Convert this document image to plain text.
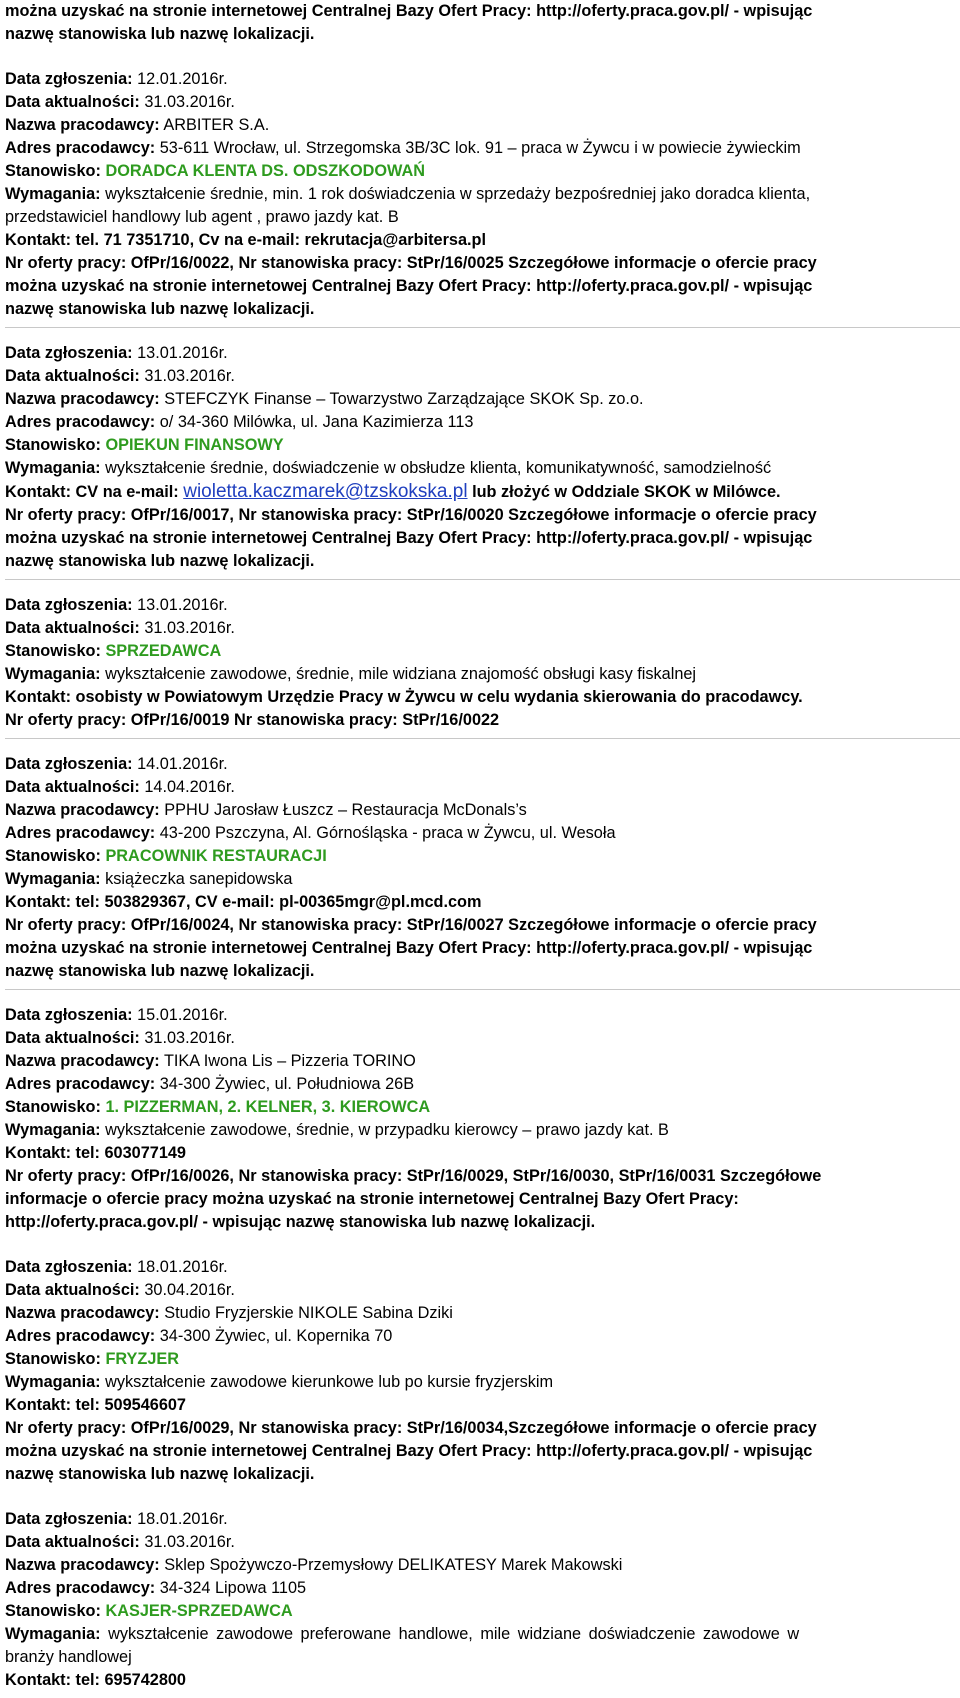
można uzyskać na stronie internetowej Centralnej Bazy Ofert Pracy: http://oferty.praca.gov.pl/ - wpisując
nazwę stanowiska lub nazwę lokalizacji.
Data zgłoszenia: 12.01.2016r.
Data aktualności: 31.03.2016r.
Nazwa pracodawcy: ARBITER S.A.
Adres pracodawcy: 53-611 Wrocław, ul. Strzegomska 3B/3C lok. 91 – praca w Żywcu i w powiecie żywieckim
Stanowisko: DORADCA KLENTA DS. ODSZKODOWAŃ
Wymagania: wykształcenie średnie, min. 1 rok doświadczenia w sprzedaży bezpośredniej jako doradca klienta,
przedstawiciel handlowy lub agent , prawo jazdy kat. B
Kontakt: tel. 71 7351710, Cv na e-mail: rekrutacja@arbitersa.pl
Nr oferty pracy: OfPr/16/0022, Nr stanowiska pracy: StPr/16/0025 Szczegółowe informacje o ofercie pracy
można uzyskać na stronie internetowej Centralnej Bazy Ofert Pracy: http://oferty.praca.gov.pl/ - wpisując
nazwę stanowiska lub nazwę lokalizacji.
Data zgłoszenia: 13.01.2016r.
Data aktualności: 31.03.2016r.
Nazwa pracodawcy: STEFCZYK Finanse – Towarzystwo Zarządzające SKOK Sp. zo.o.
Adres pracodawcy: o/ 34-360 Milówka, ul. Jana Kazimierza 113
Stanowisko: OPIEKUN FINANSOWY
Wymagania: wykształcenie średnie, doświadczenie w obsłudze klienta, komunikatywność, samodzielność
Kontakt: CV na e-mail: wioletta.kaczmarek@tzskokska.pl lub złożyć w Oddziale SKOK w Milówce.
Nr oferty pracy: OfPr/16/0017, Nr stanowiska pracy: StPr/16/0020 Szczegółowe informacje o ofercie pracy
można uzyskać na stronie internetowej Centralnej Bazy Ofert Pracy: http://oferty.praca.gov.pl/ - wpisując
nazwę stanowiska lub nazwę lokalizacji.
Data zgłoszenia: 13.01.2016r.
Data aktualności: 31.03.2016r.
Stanowisko: SPRZEDAWCA
Wymagania: wykształcenie zawodowe, średnie, mile widziana znajomość obsługi kasy fiskalnej
Kontakt: osobisty w Powiatowym Urzędzie Pracy w Żywcu w celu wydania skierowania do pracodawcy.
Nr oferty pracy: OfPr/16/0019 Nr stanowiska pracy: StPr/16/0022
Data zgłoszenia: 14.01.2016r.
Data aktualności: 14.04.2016r.
Nazwa pracodawcy: PPHU Jarosław Łuszcz – Restauracja McDonals’s
Adres pracodawcy: 43-200 Pszczyna, Al. Górnośląska - praca w Żywcu, ul. Wesoła
Stanowisko: PRACOWNIK RESTAURACJI
Wymagania: książeczka sanepidowska
Kontakt: tel: 503829367, CV e-mail: pl-00365mgr@pl.mcd.com
Nr oferty pracy: OfPr/16/0024, Nr stanowiska pracy: StPr/16/0027 Szczegółowe informacje o ofercie pracy
można uzyskać na stronie internetowej Centralnej Bazy Ofert Pracy: http://oferty.praca.gov.pl/ - wpisując
nazwę stanowiska lub nazwę lokalizacji.
Data zgłoszenia: 15.01.2016r.
Data aktualności: 31.03.2016r.
Nazwa pracodawcy: TIKA Iwona Lis – Pizzeria TORINO
Adres pracodawcy: 34-300 Żywiec, ul. Południowa 26B
Stanowisko: 1. PIZZERMAN, 2. KELNER, 3. KIEROWCA
Wymagania: wykształcenie zawodowe, średnie, w przypadku kierowcy – prawo jazdy kat. B
Kontakt: tel: 603077149
Nr oferty pracy: OfPr/16/0026, Nr stanowiska pracy: StPr/16/0029, StPr/16/0030, StPr/16/0031 Szczegółowe
informacje o ofercie pracy można uzyskać na stronie internetowej Centralnej Bazy Ofert Pracy:
http://oferty.praca.gov.pl/ - wpisując nazwę stanowiska lub nazwę lokalizacji.
Data zgłoszenia: 18.01.2016r.
Data aktualności: 30.04.2016r.
Nazwa pracodawcy: Studio Fryzjerskie NIKOLE Sabina Dziki
Adres pracodawcy: 34-300 Żywiec, ul. Kopernika 70
Stanowisko: FRYZJER
Wymagania: wykształcenie zawodowe kierunkowe lub po kursie fryzjerskim
Kontakt: tel: 509546607
Nr oferty pracy: OfPr/16/0029, Nr stanowiska pracy: StPr/16/0034,Szczegółowe informacje o ofercie pracy
można uzyskać na stronie internetowej Centralnej Bazy Ofert Pracy: http://oferty.praca.gov.pl/ - wpisując
nazwę stanowiska lub nazwę lokalizacji.
Data zgłoszenia: 18.01.2016r.
Data aktualności: 31.03.2016r.
Nazwa pracodawcy: Sklep Spożywczo-Przemysłowy DELIKATESY Marek Makowski
Adres pracodawcy: 34-324 Lipowa 1105
Stanowisko: KASJER-SPRZEDAWCA
Wymagania: wykształcenie zawodowe preferowane handlowe, mile widziane doświadczenie zawodowe w
branży handlowej
Kontakt: tel: 695742800
